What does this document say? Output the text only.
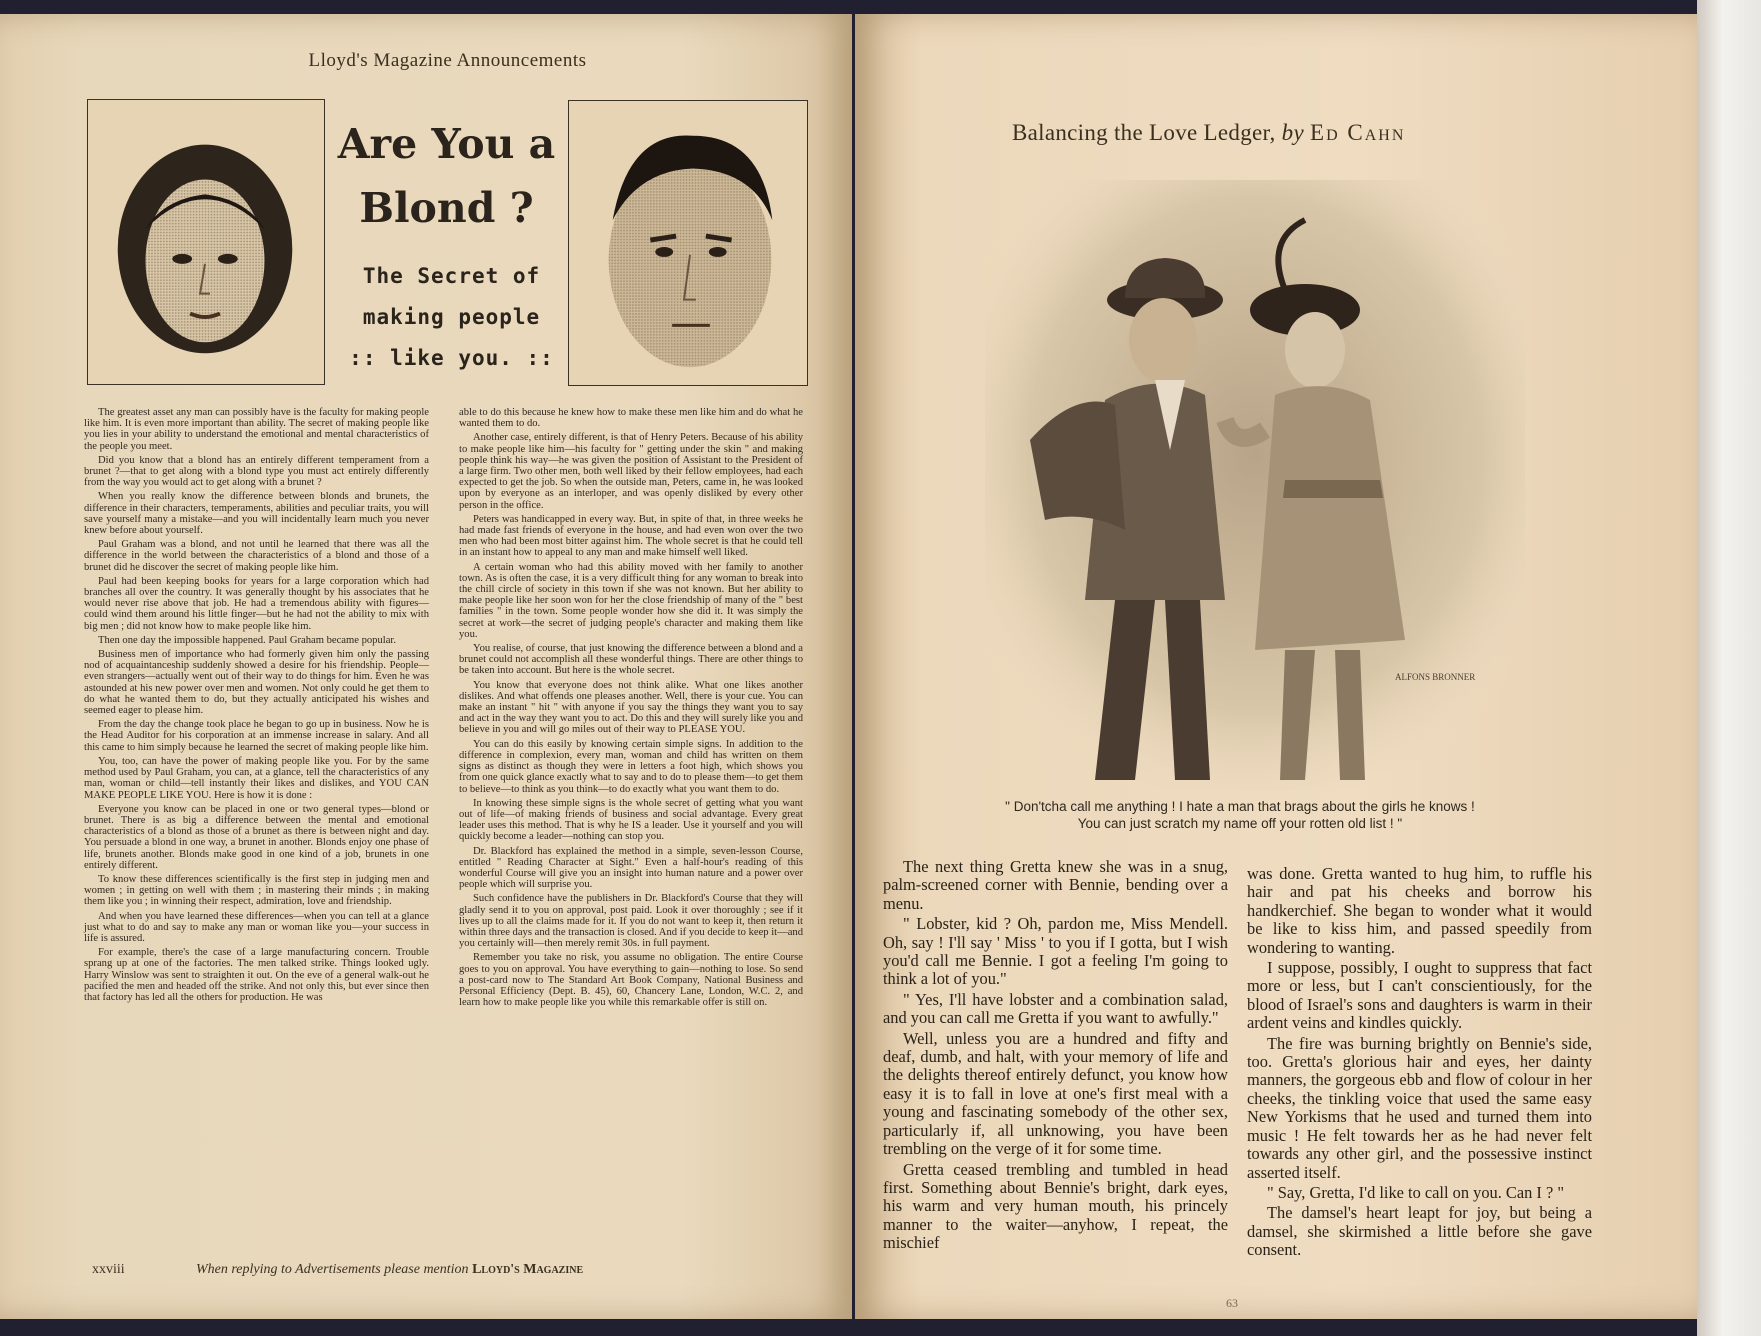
Lloyd's Magazine Announcements
Are You a Blond ?
The Secret of
making people
:: like you. ::

The greatest asset any man can possibly have is the faculty for making people like him. It is even more important than ability. The secret of making people like you lies in your ability to understand the emotional and mental characteristics of the people you meet.

Did you know that a blond has an entirely different temperament from a brunet ?—that to get along with a blond type you must act entirely differently from the way you would act to get along with a brunet ?

When you really know the difference between blonds and brunets, the difference in their characters, temperaments, abilities and peculiar traits, you will save yourself many a mistake—and you will incidentally learn much you never knew before about yourself.

Paul Graham was a blond, and not until he learned that there was all the difference in the world between the characteristics of a blond and those of a brunet did he discover the secret of making people like him.

Paul had been keeping books for years for a large corporation which had branches all over the country. It was generally thought by his associates that he would never rise above that job. He had a tremendous ability with figures—could wind them around his little finger—but he had not the ability to mix with big men ; did not know how to make people like him.

Then one day the impossible happened. Paul Graham became popular.

Business men of importance who had formerly given him only the passing nod of acquaintanceship suddenly showed a desire for his friendship. People—even strangers—actually went out of their way to do things for him. Even he was astounded at his new power over men and women. Not only could he get them to do what he wanted them to do, but they actually anticipated his wishes and seemed eager to please him.

From the day the change took place he began to go up in business. Now he is the Head Auditor for his corporation at an immense increase in salary. And all this came to him simply because he learned the secret of making people like him.

You, too, can have the power of making people like you. For by the same method used by Paul Graham, you can, at a glance, tell the characteristics of any man, woman or child—tell instantly their likes and dislikes, and YOU CAN MAKE PEOPLE LIKE YOU. Here is how it is done :

Everyone you know can be placed in one or two general types—blond or brunet. There is as big a difference between the mental and emotional characteristics of a blond as those of a brunet as there is between night and day. You persuade a blond in one way, a brunet in another. Blonds enjoy one phase of life, brunets another. Blonds make good in one kind of a job, brunets in one entirely different.

To know these differences scientifically is the first step in judging men and women ; in getting on well with them ; in mastering their minds ; in making them like you ; in winning their respect, admiration, love and friendship.

And when you have learned these differences—when you can tell at a glance just what to do and say to make any man or woman like you—your success in life is assured.

For example, there's the case of a large manufacturing concern. Trouble sprang up at one of the factories. The men talked strike. Things looked ugly. Harry Winslow was sent to straighten it out. On the eve of a general walk-out he pacified the men and headed off the strike. And not only this, but ever since then that factory has led all the others for production. He was

able to do this because he knew how to make these men like him and do what he wanted them to do.

Another case, entirely different, is that of Henry Peters. Because of his ability to make people like him—his faculty for " getting under the skin " and making people think his way—he was given the position of Assistant to the President of a large firm. Two other men, both well liked by their fellow employees, had each expected to get the job. So when the outside man, Peters, came in, he was looked upon by everyone as an interloper, and was openly disliked by every other person in the office.

Peters was handicapped in every way. But, in spite of that, in three weeks he had made fast friends of everyone in the house, and had even won over the two men who had been most bitter against him. The whole secret is that he could tell in an instant how to appeal to any man and make himself well liked.

A certain woman who had this ability moved with her family to another town. As is often the case, it is a very difficult thing for any woman to break into the chill circle of society in this town if she was not known. But her ability to make people like her soon won for her the close friendship of many of the " best families " in the town. Some people wonder how she did it. It was simply the secret at work—the secret of judging people's character and making them like you.

You realise, of course, that just knowing the difference between a blond and a brunet could not accomplish all these wonderful things. There are other things to be taken into account. But here is the whole secret.

You know that everyone does not think alike. What one likes another dislikes. And what offends one pleases another. Well, there is your cue. You can make an instant " hit " with anyone if you say the things they want you to say and act in the way they want you to act. Do this and they will surely like you and believe in you and will go miles out of their way to PLEASE YOU.

You can do this easily by knowing certain simple signs. In addition to the difference in complexion, every man, woman and child has written on them signs as distinct as though they were in letters a foot high, which shows you from one quick glance exactly what to say and to do to please them—to get them to believe—to think as you think—to do exactly what you want them to do.

In knowing these simple signs is the whole secret of getting what you want out of life—of making friends of business and social advantage. Every great leader uses this method. That is why he IS a leader. Use it yourself and you will quickly become a leader—nothing can stop you.

Dr. Blackford has explained the method in a simple, seven-lesson Course, entitled " Reading Character at Sight." Even a half-hour's reading of this wonderful Course will give you an insight into human nature and a power over people which will surprise you.

Such confidence have the publishers in Dr. Blackford's Course that they will gladly send it to you on approval, post paid. Look it over thoroughly ; see if it lives up to all the claims made for it. If you do not want to keep it, then return it within three days and the transaction is closed. And if you decide to keep it—and you certainly will—then merely remit 30s. in full payment.

Remember you take no risk, you assume no obligation. The entire Course goes to you on approval. You have everything to gain—nothing to lose. So send a post-card now to The Standard Art Book Company, National Business and Personal Efficiency (Dept. B. 45), 60, Chancery Lane, London, W.C. 2, and learn how to make people like you while this remarkable offer is still on.

xxviii	When replying to Advertisements please mention Lloyd's Magazine
Balancing the Love Ledger, by Ed Cahn
ALFONS BRONNER
" Don'tcha call me anything ! I hate a man that brags about the girls he knows !
You can just scratch my name off your rotten old list ! "

The next thing Gretta knew she was in a snug, palm-screened corner with Bennie, bending over a menu.

" Lobster, kid ? Oh, pardon me, Miss Mendell. Oh, say ! I'll say ' Miss ' to you if I gotta, but I wish you'd call me Bennie. I got a feeling I'm going to think a lot of you."

" Yes, I'll have lobster and a combination salad, and you can call me Gretta if you want to awfully."

Well, unless you are a hundred and fifty and deaf, dumb, and halt, with your memory of life and the delights thereof entirely defunct, you know how easy it is to fall in love at one's first meal with a young and fascinating somebody of the other sex, particularly if, all unknowing, you have been trembling on the verge of it for some time.

Gretta ceased trembling and tumbled in head first. Something about Bennie's bright, dark eyes, his warm and very human mouth, his princely manner to the waiter—anyhow, I repeat, the mischief

was done. Gretta wanted to hug him, to ruffle his hair and pat his cheeks and borrow his handkerchief. She began to wonder what it would be like to kiss him, and passed speedily from wondering to wanting.

I suppose, possibly, I ought to suppress that fact more or less, but I can't conscientiously, for the blood of Israel's sons and daughters is warm in their ardent veins and kindles quickly.

The fire was burning brightly on Bennie's side, too. Gretta's glorious hair and eyes, her dainty manners, the gorgeous ebb and flow of colour in her cheeks, the tinkling voice that used the same easy New Yorkisms that he used and turned them into music ! He felt towards her as he had never felt towards any other girl, and the possessive instinct asserted itself.

" Say, Gretta, I'd like to call on you. Can I ? "

The damsel's heart leapt for joy, but being a damsel, she skirmished a little before she gave consent.

63
